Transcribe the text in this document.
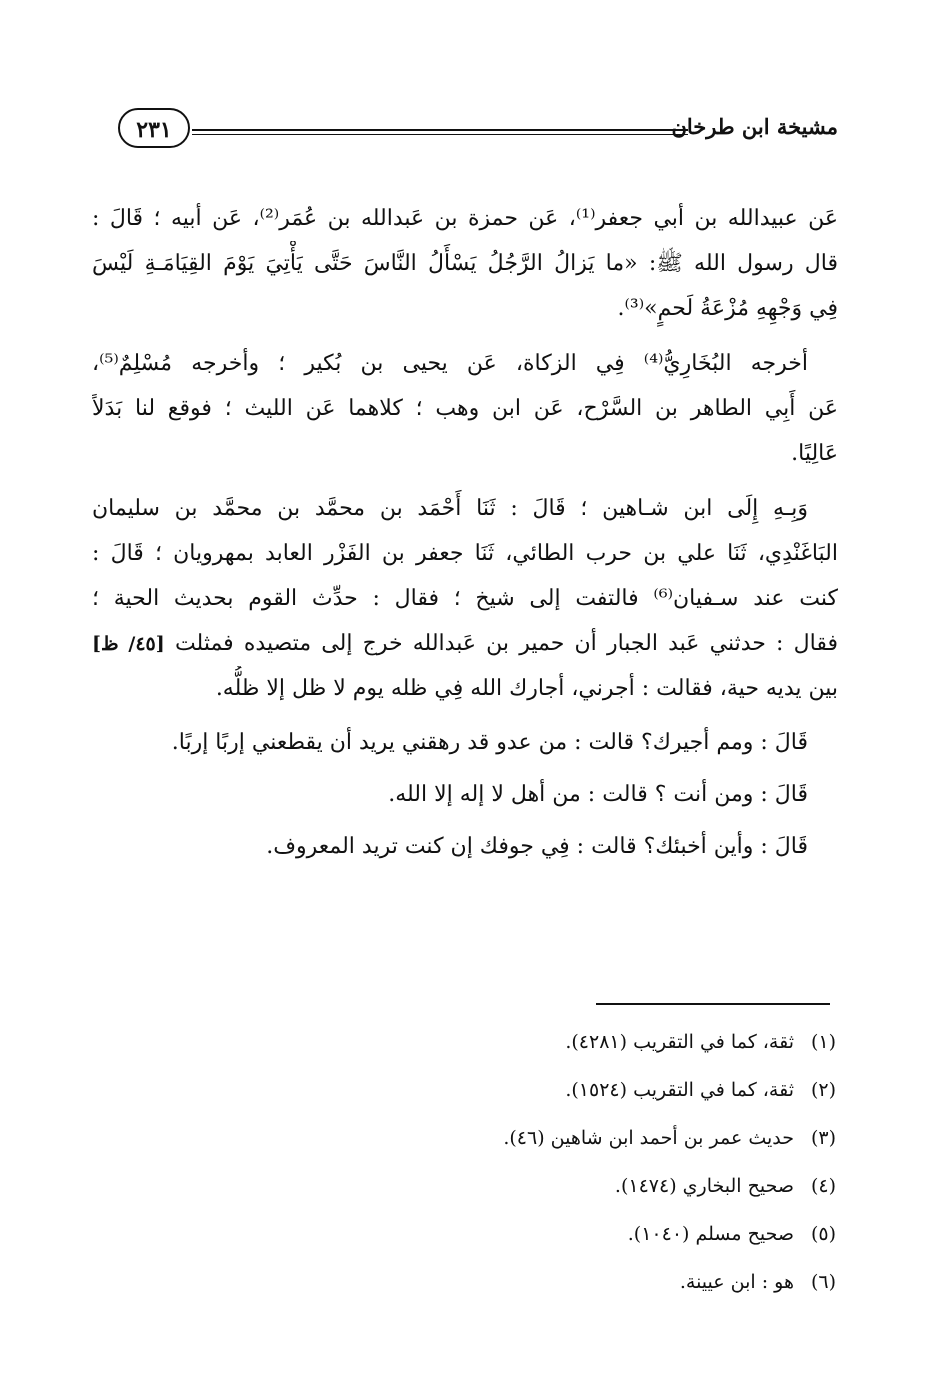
مشيخة ابن طرخان
٢٣١
عَن عبيدالله بن أبي جعفر⁽¹⁾، عَن حمزة بن عَبدالله بن عُمَر⁽²⁾، عَن أبيه ؛ قَالَ :
قال رسول الله ﷺ: «ما يَزالُ الرَّجُلُ يَسْأَلُ النَّاسَ حَتَّى يَأْتِيَ يَوْمَ القِيَامَـةِ لَيْسَ
فِي وَجْهِهِ مُزْعَةُ لَحمٍ»⁽³⁾.
أخرجه البُخَارِيُّ⁽⁴⁾ فِي الزكاة، عَن يحيى بن بُكير ؛ وأخرجه مُسْلِمٌ⁽⁵⁾،
عَن أَبِي الطاهر بن السَّرْح، عَن ابن وهب ؛ كلاهما عَن الليث ؛ فوقع لنا بَدَلاً
عَالِيًا.
وَبِـهِ إِلَى ابن شـاهين ؛ قَالَ : ثَنَا أَحْمَد بن محمَّد بن محمَّد بن سليمان
البَاغَنْدِي، ثَنَا علي بن حرب الطائي، ثَنَا جعفر بن الفَزْر العابد بمهرويان ؛ قَالَ :
كنت عند سـفيان⁽⁶⁾ فالتفت إلى شيخ ؛ فقال : حدِّث القوم بحديث الحية ؛
فقال : حدثني عَبد الجبار أن حمير بن عَبدالله خرج إلى متصيده فمثلت [٤٥/ ظ]
بين يديه حية، فقالت : أجرني، أجارك الله فِي ظله يوم لا ظل إلا ظلُّه.
قَالَ : ومم أجيرك؟ قالت : من عدو قد رهقني يريد أن يقطعني إربًا إربًا.
قَالَ : ومن أنت ؟ قالت : من أهل لا إله إلا الله.
قَالَ : وأين أخبئك؟ قالت : فِي جوفك إن كنت تريد المعروف.
(١)ثقة، كما في التقريب (٤٢٨١).
(٢)ثقة، كما في التقريب (١٥٢٤).
(٣)حديث عمر بن أحمد ابن شاهين (٤٦).
(٤)صحيح البخاري (١٤٧٤).
(٥)صحيح مسلم (١٠٤٠).
(٦)هو : ابن عيينة.
